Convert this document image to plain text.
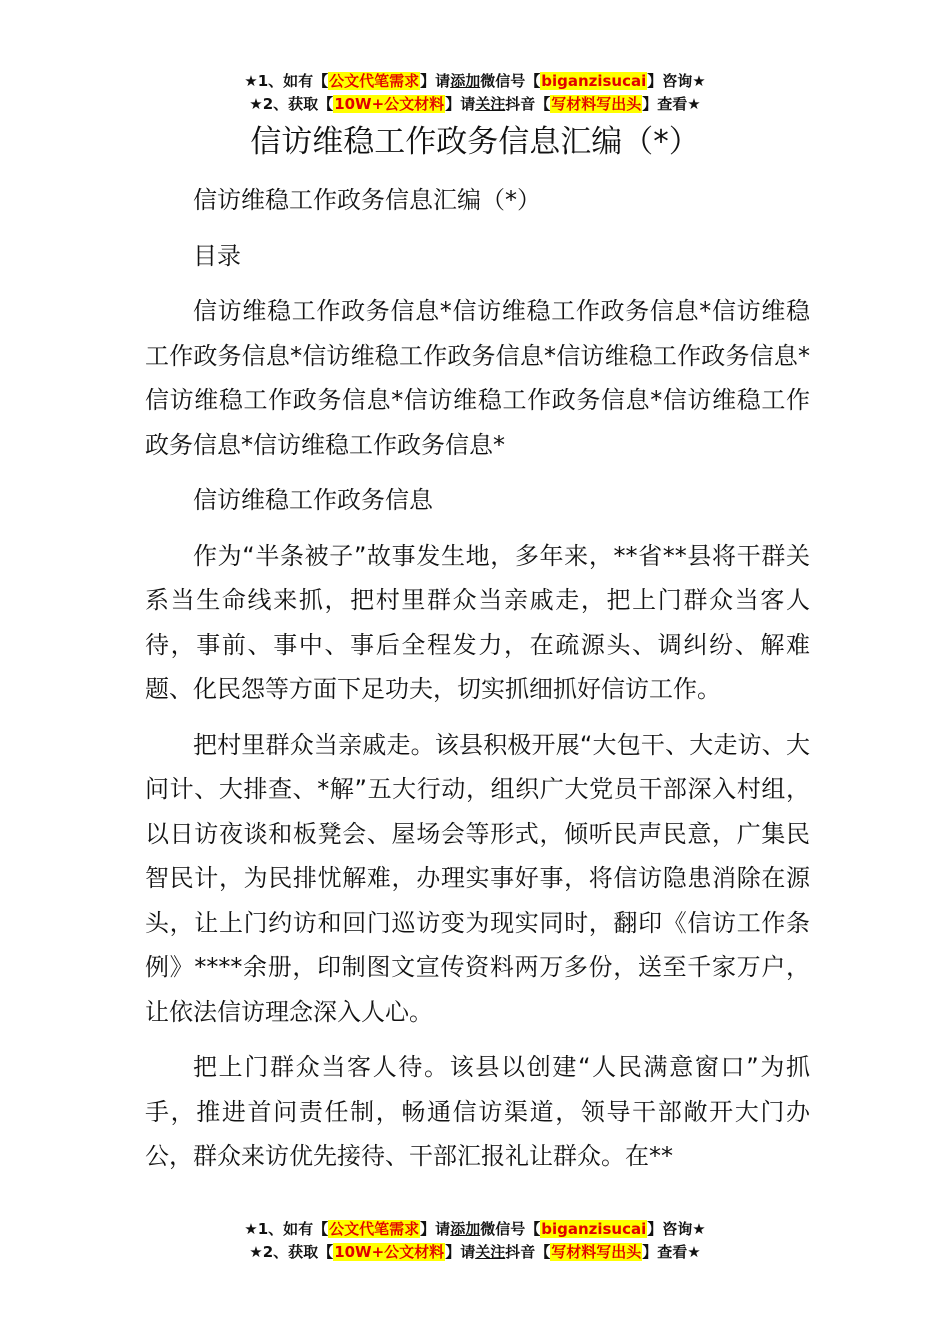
★1、如有【公文代笔需求】请添加微信号【biganzisucai】咨询★
★2、获取【10W+公文材料】请关注抖音【写材料写出头】查看★
信访维稳工作政务信息汇编（*）

信访维稳工作政务信息汇编（*）

目录

信访维稳工作政务信息*信访维稳工作政务信息*信访维稳工作政务信息*信访维稳工作政务信息*信访维稳工作政务信息*信访维稳工作政务信息*信访维稳工作政务信息*信访维稳工作政务信息*信访维稳工作政务信息*

信访维稳工作政务信息

作为“半条被子”故事发生地，多年来，**省**县将干群关系当生命线来抓，把村里群众当亲戚走，把上门群众当客人待，事前、事中、事后全程发力，在疏源头、调纠纷、解难题、化民怨等方面下足功夫，切实抓细抓好信访工作。

把村里群众当亲戚走。该县积极开展“大包干、大走访、大问计、大排查、*解”五大行动，组织广大党员干部深入村组，以日访夜谈和板凳会、屋场会等形式，倾听民声民意，广集民智民计，为民排忧解难，办理实事好事，将信访隐患消除在源头，让上门约访和回门巡访变为现实同时，翻印《信访工作条例》****余册，印制图文宣传资料两万多份，送至千家万户，让依法信访理念深入人心。

把上门群众当客人待。该县以创建“人民满意窗口”为抓手，推进首问责任制，畅通信访渠道，领导干部敞开大门办公，群众来访优先接待、干部汇报礼让群众。在**

★1、如有【公文代笔需求】请添加微信号【biganzisucai】咨询★
★2、获取【10W+公文材料】请关注抖音【写材料写出头】查看★
